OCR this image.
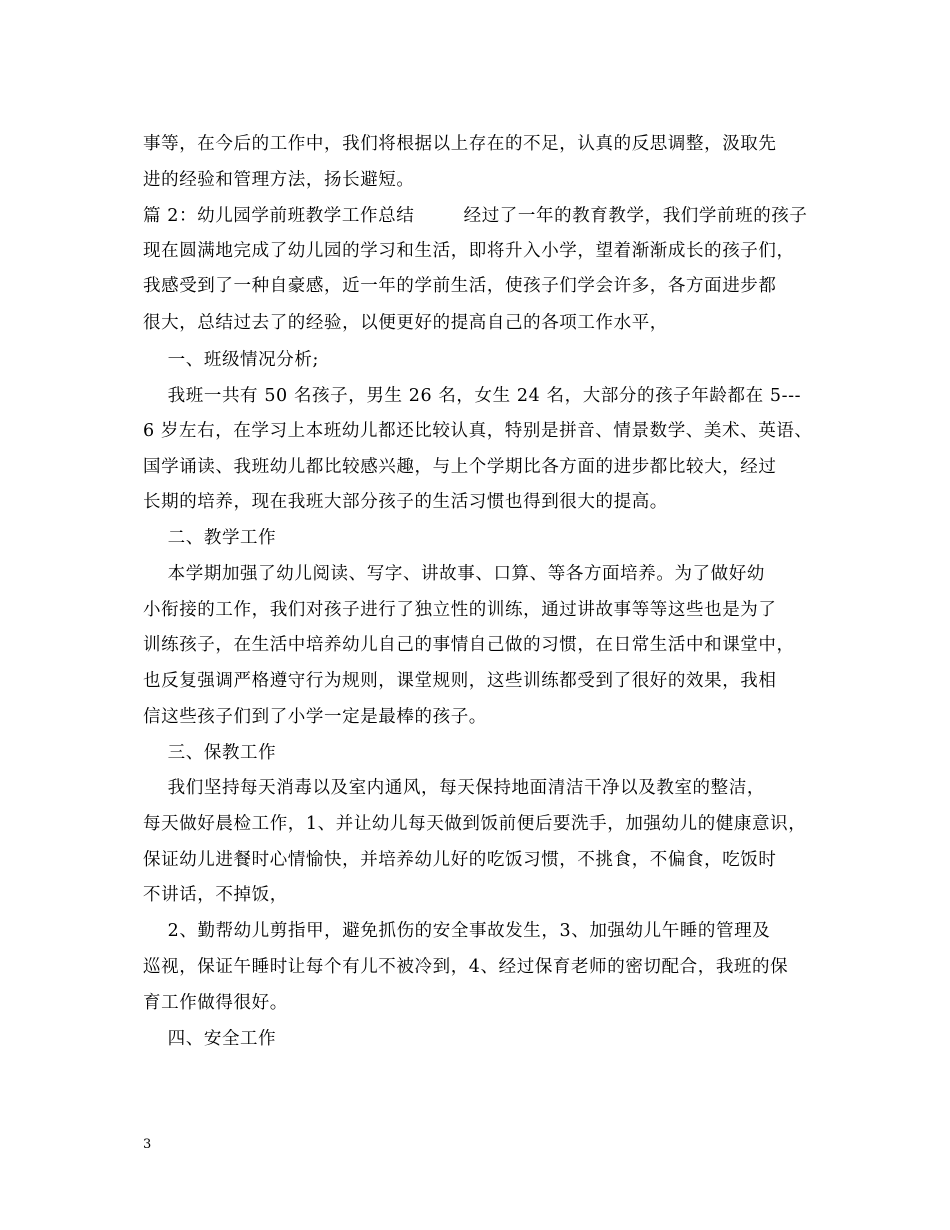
事等，在今后的工作中，我们将根据以上存在的不足，认真的反思调整，汲取先
进的经验和管理方法，扬长避短。
篇 2：幼儿园学前班教学工作总结        经过了一年的教育教学，我们学前班的孩子
现在圆满地完成了幼儿园的学习和生活，即将升入小学，望着渐渐成长的孩子们，
我感受到了一种自豪感，近一年的学前生活，使孩子们学会许多，各方面进步都
很大，总结过去了的经验，以便更好的提高自己的各项工作水平，
一、班级情况分析;
我班一共有 50 名孩子，男生 26 名，女生 24 名，大部分的孩子年龄都在 5---
6 岁左右，在学习上本班幼儿都还比较认真，特别是拼音、情景数学、美术、英语、
国学诵读、我班幼儿都比较感兴趣，与上个学期比各方面的进步都比较大，经过
长期的培养，现在我班大部分孩子的生活习惯也得到很大的提高。
二、教学工作
本学期加强了幼儿阅读、写字、讲故事、口算、等各方面培养。为了做好幼
小衔接的工作，我们对孩子进行了独立性的训练，通过讲故事等等这些也是为了
训练孩子，在生活中培养幼儿自己的事情自己做的习惯，在日常生活中和课堂中，
也反复强调严格遵守行为规则，课堂规则，这些训练都受到了很好的效果，我相
信这些孩子们到了小学一定是最棒的孩子。
三、保教工作
我们坚持每天消毒以及室内通风，每天保持地面清洁干净以及教室的整洁，
每天做好晨检工作，1、并让幼儿每天做到饭前便后要洗手，加强幼儿的健康意识，
保证幼儿进餐时心情愉快，并培养幼儿好的吃饭习惯，不挑食，不偏食，吃饭时
不讲话，不掉饭，
2、勤帮幼儿剪指甲，避免抓伤的安全事故发生，3、加强幼儿午睡的管理及
巡视，保证午睡时让每个有儿不被冷到，4、经过保育老师的密切配合，我班的保
育工作做得很好。
四、安全工作
3
